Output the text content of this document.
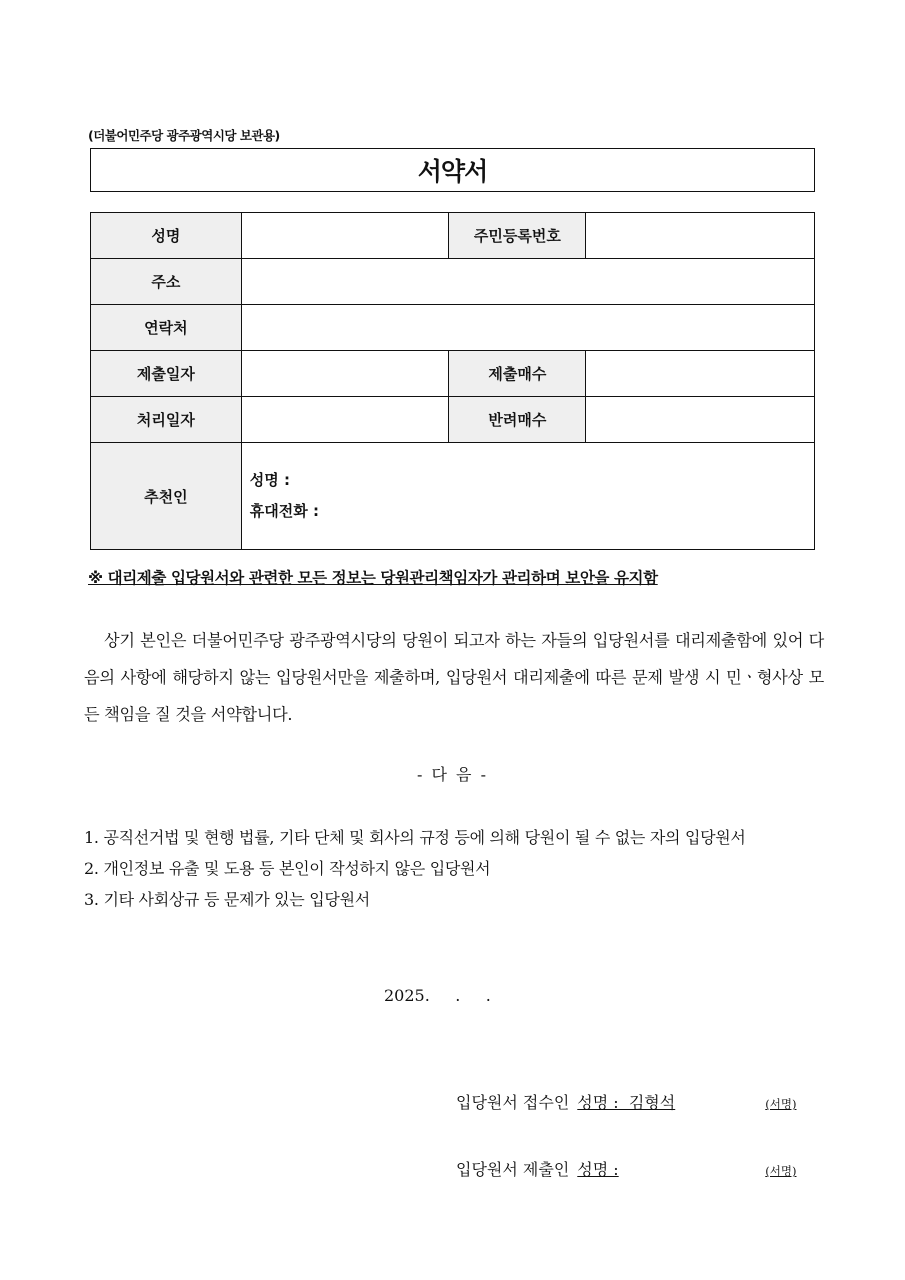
(더불어민주당 광주광역시당 보관용)
서약서
성명		주민등록번호	
주소			
연락처			
제출일자		제출매수	
처리일자		반려매수	
추천인	성명 :
휴대전화 :		
※ 대리제출 입당원서와 관련한 모든 정보는 당원관리책임자가 관리하며 보안을 유지함
상기 본인은 더불어민주당 광주광역시당의 당원이 되고자 하는 자들의 입당원서를 대리제출함에 있어 다음의 사항에 해당하지 않는 입당원서만을 제출하며, 입당원서 대리제출에 따른 문제 발생 시 민ㆍ형사상 모든 책임을 질 것을 서약합니다.
- 다 음 -
1. 공직선거법 및 현행 법률, 기타 단체 및 회사의 규정 등에 의해 당원이 될 수 없는 자의 입당원서
2. 개인정보 유출 및 도용 등 본인이 작성하지 않은 입당원서
3. 기타 사회상규 등 문제가 있는 입당원서
2025.     .     .
입당원서 접수인 성명 :  김형석	(서명)
입당원서 제출인 성명 :	(서명)
